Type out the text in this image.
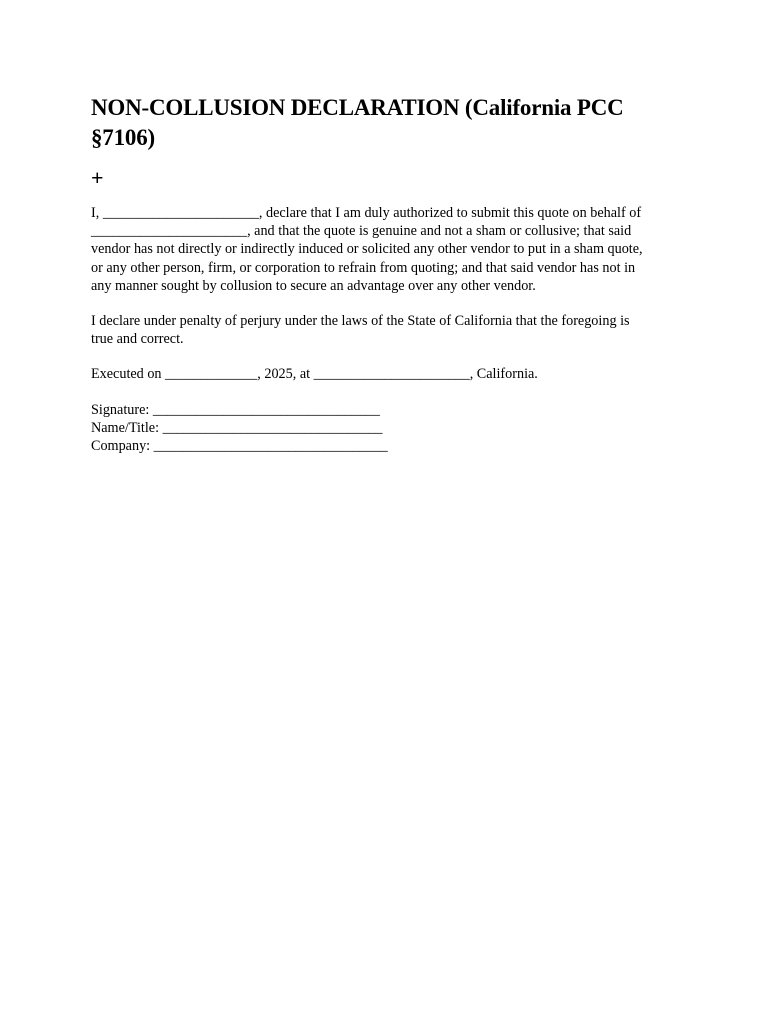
NON-COLLUSION DECLARATION (California PCC
§7106)
+

I, ______________________, declare that I am duly authorized to submit this quote on behalf of
______________________, and that the quote is genuine and not a sham or collusive; that said
vendor has not directly or indirectly induced or solicited any other vendor to put in a sham quote,
or any other person, firm, or corporation to refrain from quoting; and that said vendor has not in
any manner sought by collusion to secure an advantage over any other vendor.

I declare under penalty of perjury under the laws of the State of California that the foregoing is
true and correct.

Executed on _____________, 2025, at ______________________, California.

Signature: ________________________________
Name/Title: _______________________________
Company: _________________________________
